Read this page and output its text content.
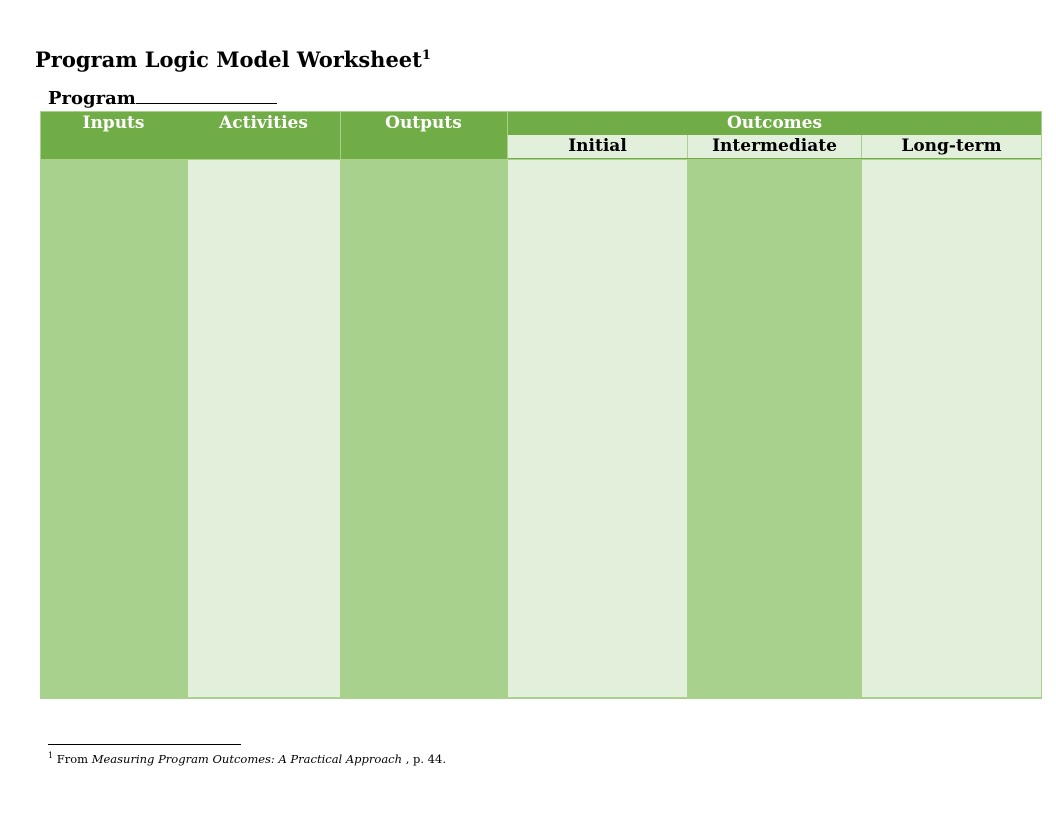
Program Logic Model Worksheet$^1$
Program
Inputs	Activities	Outputs	Outcomes
Initial	Intermediate	Long-term
$^1$ From Measuring Program Outcomes: A Practical Approach , p. 44.
